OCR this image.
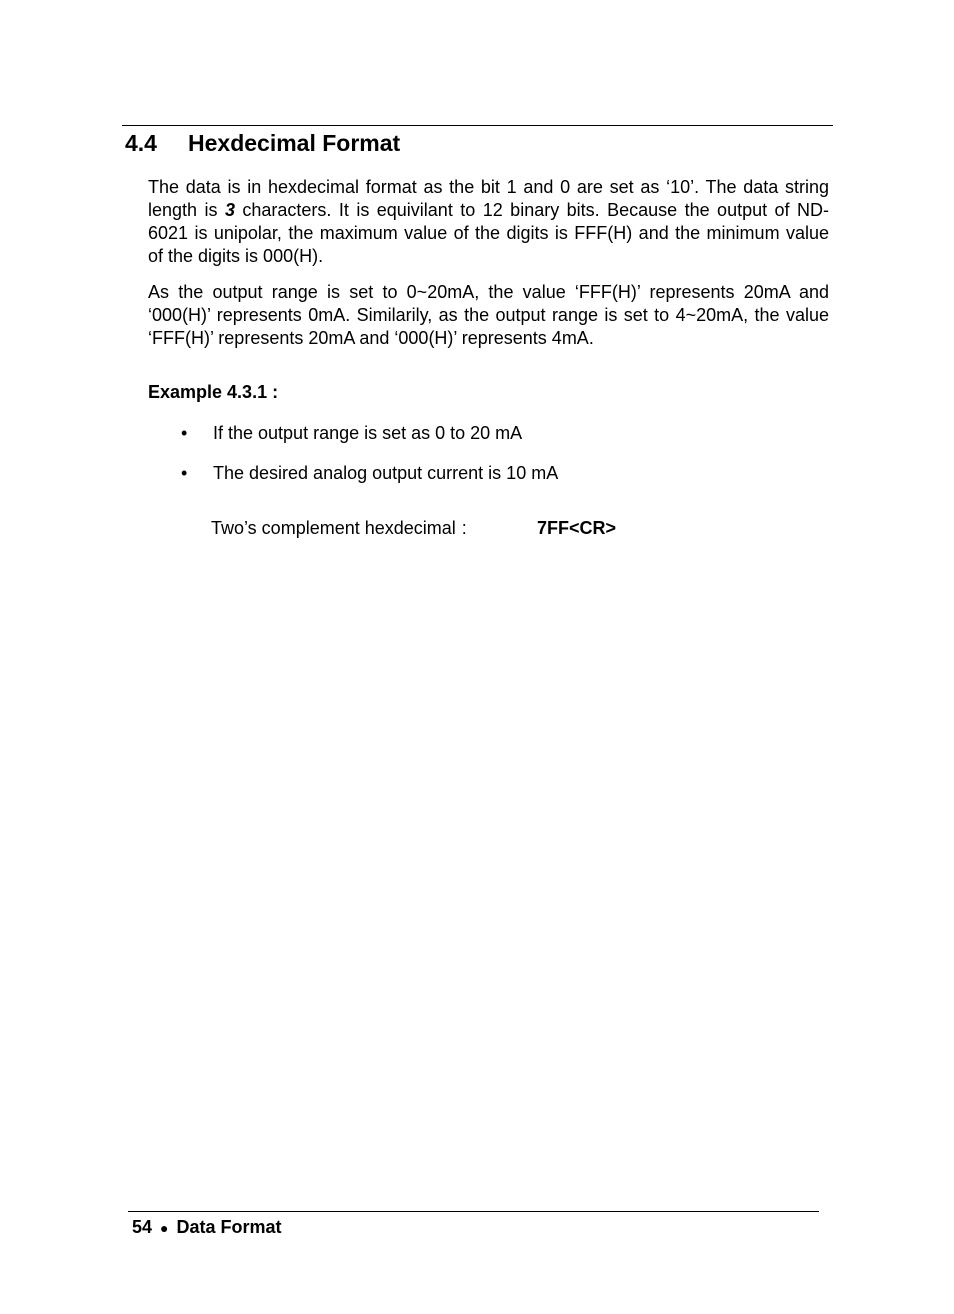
4.4 Hexdecimal Format

The data is in hexdecimal format as the bit 1 and 0 are set as ‘10’. The data string length is 3 characters. It is equivilant to 12 binary bits. Because the output of ND-6021 is unipolar, the maximum value of the digits is FFF(H) and the minimum value of the digits is 000(H).

As the output range is set to 0~20mA, the value ‘FFF(H)’ represents 20mA and ‘000(H)’ represents 0mA. Similarily, as the output range is set to 4~20mA, the value ‘FFF(H)’ represents 20mA and ‘000(H)’ represents 4mA.

Example 4.3.1 :
• If the output range is set as 0 to 20 mA
• The desired analog output current is 10 mA
Two’s complement hexdecimal :	7FF<CR>
54 ● Data Format
